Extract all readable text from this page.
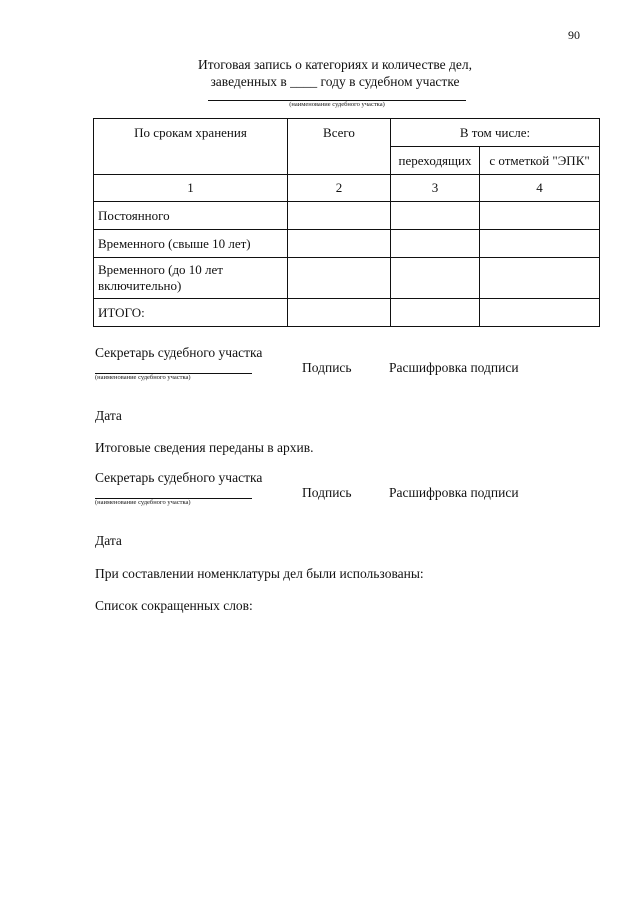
90
Итоговая запись о категориях и количестве дел,
заведенных в ____ году в судебном участке
(наименование судебного участка)
По срокам хранения	Всего	В том числе:	
		переходящих	с отметкой "ЭПК"
1	2	3	4
Постоянного			
Временного (свыше 10 лет)			
Временного (до 10 лет включительно)			
ИТОГО:			
Секретарь судебного участка
(наименование судебного участка)
Подпись	Расшифровка подписи
Дата
Итоговые сведения переданы в архив.
Секретарь судебного участка
(наименование судебного участка)
Подпись	Расшифровка подписи
Дата
При составлении номенклатуры дел были использованы:
Список сокращенных слов:
